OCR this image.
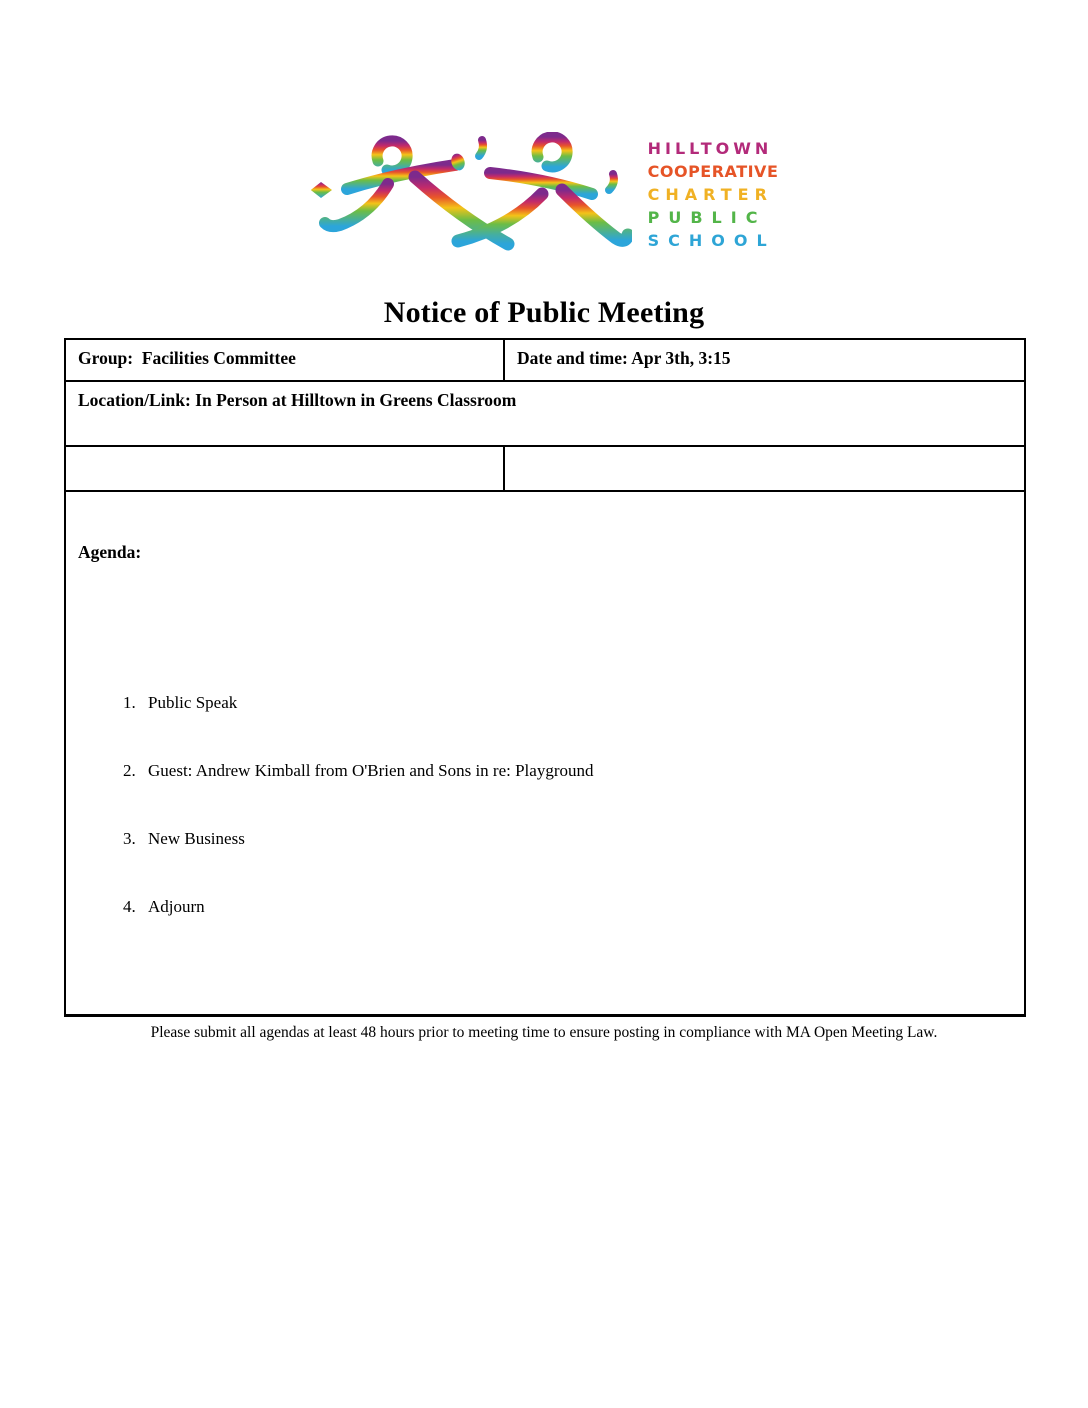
HILLTOWN
COOPERATIVE
CHARTER
PUBLIC
SCHOOL
Notice of Public Meeting
Group:  Facilities Committee	Date and time: Apr 3th, 3:15
Location/Link: In Person at Hilltown in Greens Classroom	

Agenda:

1. Public Speak

2. Guest: Andrew Kimball from O'Brien and Sons in re: Playground

3. New Business

4. Adjourn

Please submit all agendas at least 48 hours prior to meeting time to ensure posting in compliance with MA Open Meeting Law.
